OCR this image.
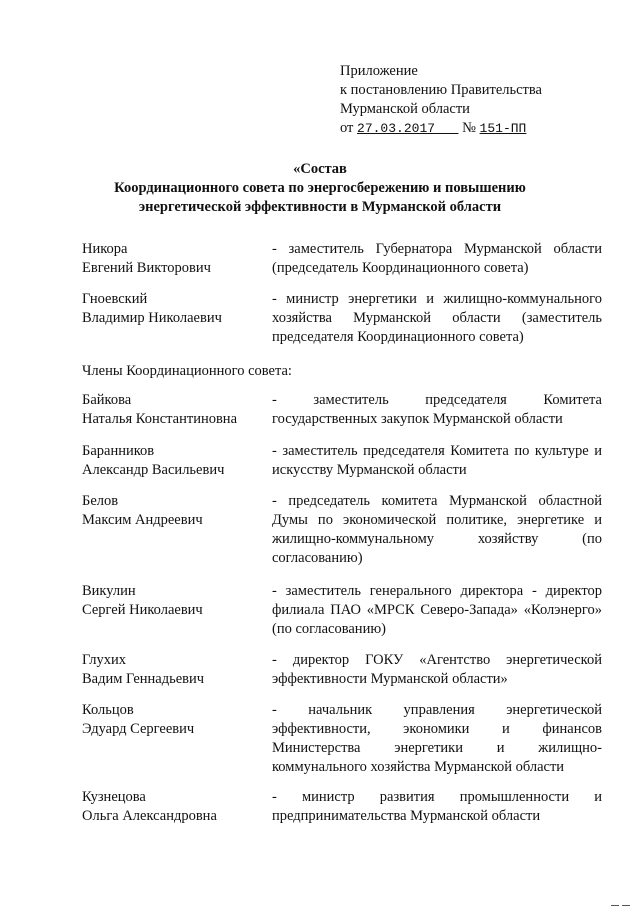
Приложение
к постановлению Правительства
Мурманской области
от 27.03.2017 № 151-ПП
«Состав
Координационного совета по энергосбережению и повышению
энергетической эффективности в Мурманской области
Никора
Евгений Викторович
- заместитель Губернатора Мурманской области (председатель Координационного совета)
Гноевский
Владимир Николаевич
- министр энергетики и жилищно-коммунального хозяйства Мурманской области (заместитель председателя Координационного совета)
Члены Координационного совета:
Байкова
Наталья Константиновна
- заместитель председателя Комитета государственных закупок Мурманской области
Баранников
Александр Васильевич
- заместитель председателя Комитета по культуре и искусству Мурманской области
Белов
Максим Андреевич
- председатель комитета Мурманской областной Думы по экономической политике, энергетике и жилищно-коммунальному хозяйству (по согласованию)
Викулин
Сергей Николаевич
- заместитель генерального директора - директор филиала ПАО «МРСК Северо-Запада» «Колэнерго» (по согласованию)
Глухих
Вадим Геннадьевич
- директор ГОКУ «Агентство энергетической эффективности Мурманской области»
Кольцов
Эдуард Сергеевич
- начальник управления энергетической эффективности, экономики и финансов Министерства энергетики и жилищно-коммунального хозяйства Мурманской области
Кузнецова
Ольга Александровна
- министр развития промышленности и предпринимательства Мурманской области
